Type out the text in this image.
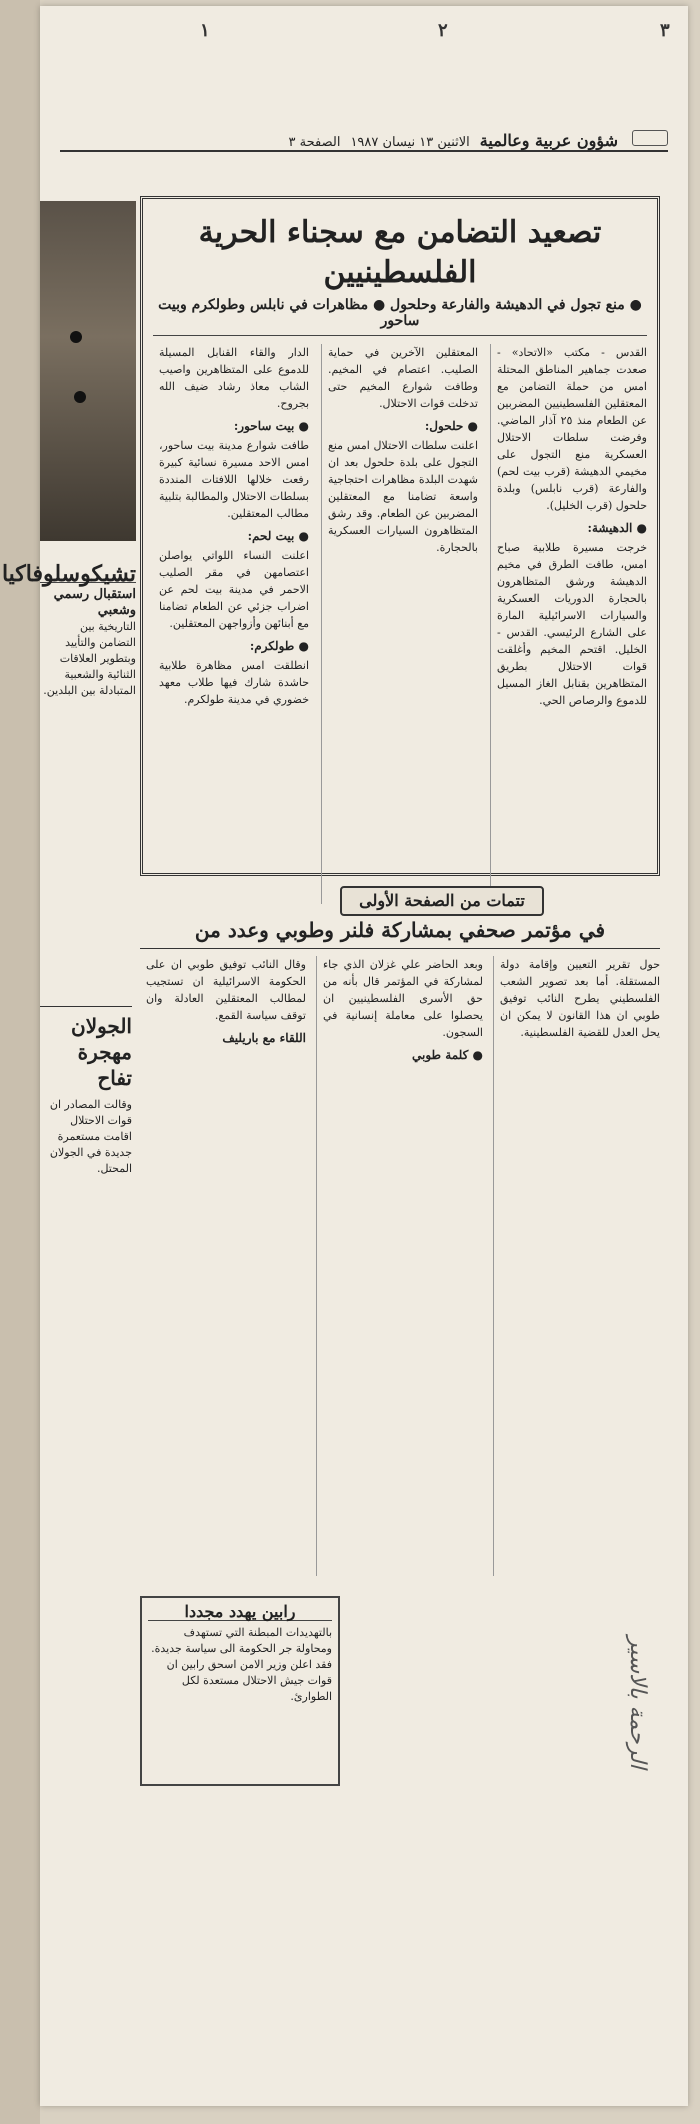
١	٢	٣
شؤون عربية وعالمية
الاثنين ١٣ نيسان ١٩٨٧
الصفحة ٣
تشيكوسلوفاكيا
استقبال رسمي وشعبي
التاريخية بين التضامن والتأييد وبتطوير العلاقات الثنائية والشعبية المتبادلة بين البلدين.
تصعيد التضامن مع سجناء الحرية الفلسطينيين
● منع تجول في الدهيشة والفارعة وحلحول ● مظاهرات في نابلس وطولكرم وبيت ساحور
القدس - مكتب «الاتحاد» - صعدت جماهير المناطق المحتلة امس من حملة التضامن مع المعتقلين الفلسطينيين المضربين عن الطعام منذ ٢٥ آذار الماضي. وفرضت سلطات الاحتلال العسكرية منع التجول على مخيمي الدهيشة (قرب بيت لحم) والفارعة (قرب نابلس) وبلدة حلحول (قرب الخليل).
● الدهيشة:
خرجت مسيرة طلابية صباح امس، طافت الطرق في مخيم الدهيشة ورشق المتظاهرون بالحجارة الدوريات العسكرية والسيارات الاسرائيلية المارة على الشارع الرئيسي. القدس - الخليل. اقتحم المخيم وأغلقت قوات الاحتلال بطريق المتظاهرين بقنابل الغاز المسيل للدموع والرصاص الحي.
المعتقلين الآخرين في حماية الصليب. اعتصام في المخيم. وطافت شوارع المخيم حتى تدخلت قوات الاحتلال.
● حلحول:
اعلنت سلطات الاحتلال امس منع التجول على بلدة حلحول بعد ان شهدت البلدة مظاهرات احتجاجية واسعة تضامنا مع المعتقلين المضربين عن الطعام. وقد رشق المتظاهرون السيارات العسكرية بالحجارة.
الدار والقاء القنابل المسيلة للدموع على المتظاهرين واصيب الشاب معاذ رشاد ضيف الله بجروح.
● بيت ساحور:
طافت شوارع مدينة بيت ساحور، امس الاحد مسيرة نسائية كبيرة رفعت خلالها اللافتات المنددة بسلطات الاحتلال والمطالبة بتلبية مطالب المعتقلين.
● بيت لحم:
اعلنت النساء اللواتي يواصلن اعتصامهن في مقر الصليب الاحمر في مدينة بيت لحم عن اضراب جزئي عن الطعام تضامنا مع أبنائهن وأزواجهن المعتقلين.
● طولكرم:
انطلقت امس مظاهرة طلابية حاشدة شارك فيها طلاب معهد خضوري في مدينة طولكرم.
تتمات من الصفحة الأولى
في مؤتمر صحفي بمشاركة فلنر وطوبي وعدد من
حول تقرير التعيين وإقامة دولة المستقلة. أما بعد تصوير الشعب الفلسطيني يطرح النائب توفيق طوبي ان هذا القانون لا يمكن ان يحل العدل للقضية الفلسطينية.
وبعد الحاضر علي غزلان الذي جاء لمشاركة في المؤتمر قال بأنه من حق الأسرى الفلسطينيين ان يحصلوا على معاملة إنسانية في السجون.
● كلمة طوبي
وقال النائب توفيق طوبي ان على الحكومة الاسرائيلية ان تستجيب لمطالب المعتقلين العادلة وان توقف سياسة القمع.
اللقاء مع باريليف
الجولان مهجرة تفاح
وقالت المصادر ان قوات الاحتلال اقامت مستعمرة جديدة في الجولان المحتل.
رابين يهدد مجددا
بالتهديدات المبطنة التي تستهدف ومحاولة جر الحكومة الى سياسة جديدة. فقد اعلن وزير الامن اسحق رابين ان قوات جيش الاحتلال مستعدة لكل الطوارئ.	الرحمة بالاسير
